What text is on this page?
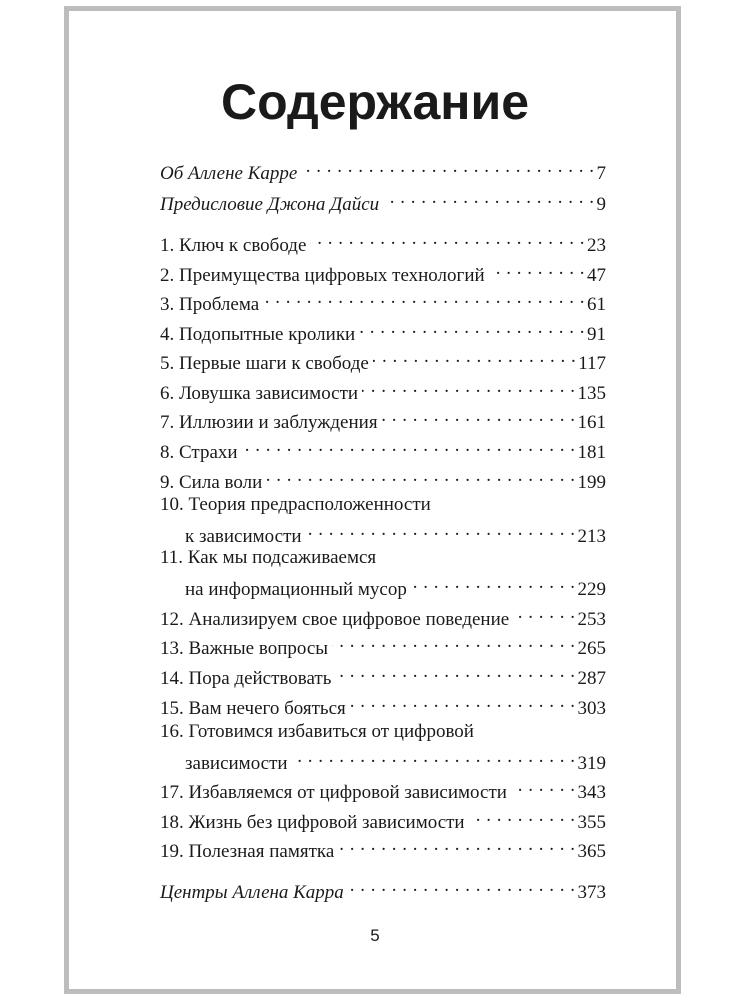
Содержание
Об Аллене Карре . . .	7
Предисловие Джона Дайси . . .	9
1. Ключ к свободе . . .	23
2. Преимущества цифровых технологий . . .	47
3. Проблема . . .	61
4. Подопытные кролики . . .	91
5. Первые шаги к свободе . . .	117
6. Ловушка зависимости . . .	135
7. Иллюзии и заблуждения . . .	161
8. Страхи . . .	181
9. Сила воли . . .	199
10. Теория предрасположенности
к зависимости . . .	213
11. Как мы подсаживаемся
на информационный мусор . . .	229
12. Анализируем свое цифровое поведение . . .	253
13. Важные вопросы . . .	265
14. Пора действовать . . .	287
15. Вам нечего бояться . . .	303
16. Готовимся избавиться от цифровой
зависимости . . .	319
17. Избавляемся от цифровой зависимости . . .	343
18. Жизнь без цифровой зависимости . . .	355
19. Полезная памятка . . .	365
Центры Аллена Карра . . .	373
5
